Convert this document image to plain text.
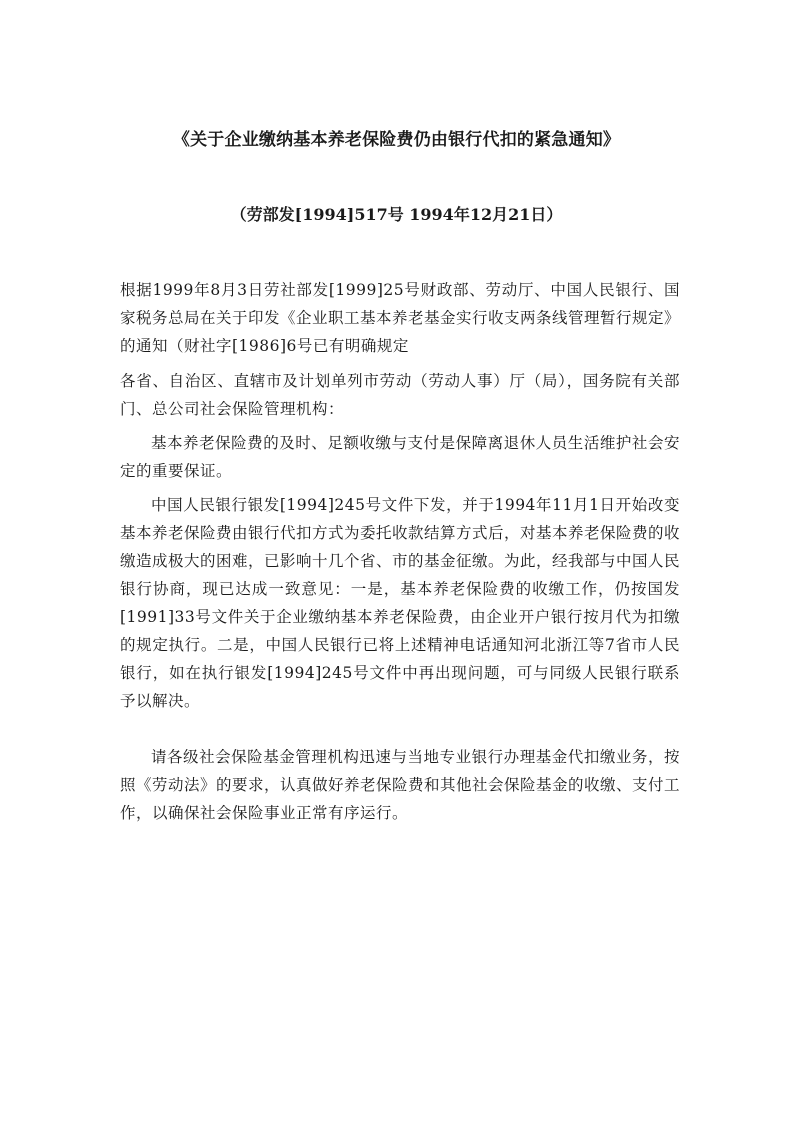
《关于企业缴纳基本养老保险费仍由银行代扣的紧急通知》
（劳部发[1994]517号 1994年12月21日）

根据1999年8月3日劳社部发[1999]25号财政部、劳动厅、中国人民银行、国家税务总局在关于印发《企业职工基本养老基金实行收支两条线管理暂行规定》的通知（财社字[1986]6号已有明确规定

各省、自治区、直辖市及计划单列市劳动（劳动人事）厅（局），国务院有关部门、总公司社会保险管理机构：

基本养老保险费的及时、足额收缴与支付是保障离退休人员生活维护社会安定的重要保证。

中国人民银行银发[1994]245号文件下发，并于1994年11月1日开始改变基本养老保险费由银行代扣方式为委托收款结算方式后，对基本养老保险费的收缴造成极大的困难，已影响十几个省、市的基金征缴。为此，经我部与中国人民银行协商，现已达成一致意见：一是，基本养老保险费的收缴工作，仍按国发[1991]33号文件关于企业缴纳基本养老保险费，由企业开户银行按月代为扣缴的规定执行。二是，中国人民银行已将上述精神电话通知河北浙江等7省市人民银行，如在执行银发[1994]245号文件中再出现问题，可与同级人民银行联系予以解决。

请各级社会保险基金管理机构迅速与当地专业银行办理基金代扣缴业务，按照《劳动法》的要求，认真做好养老保险费和其他社会保险基金的收缴、支付工作，以确保社会保险事业正常有序运行。
